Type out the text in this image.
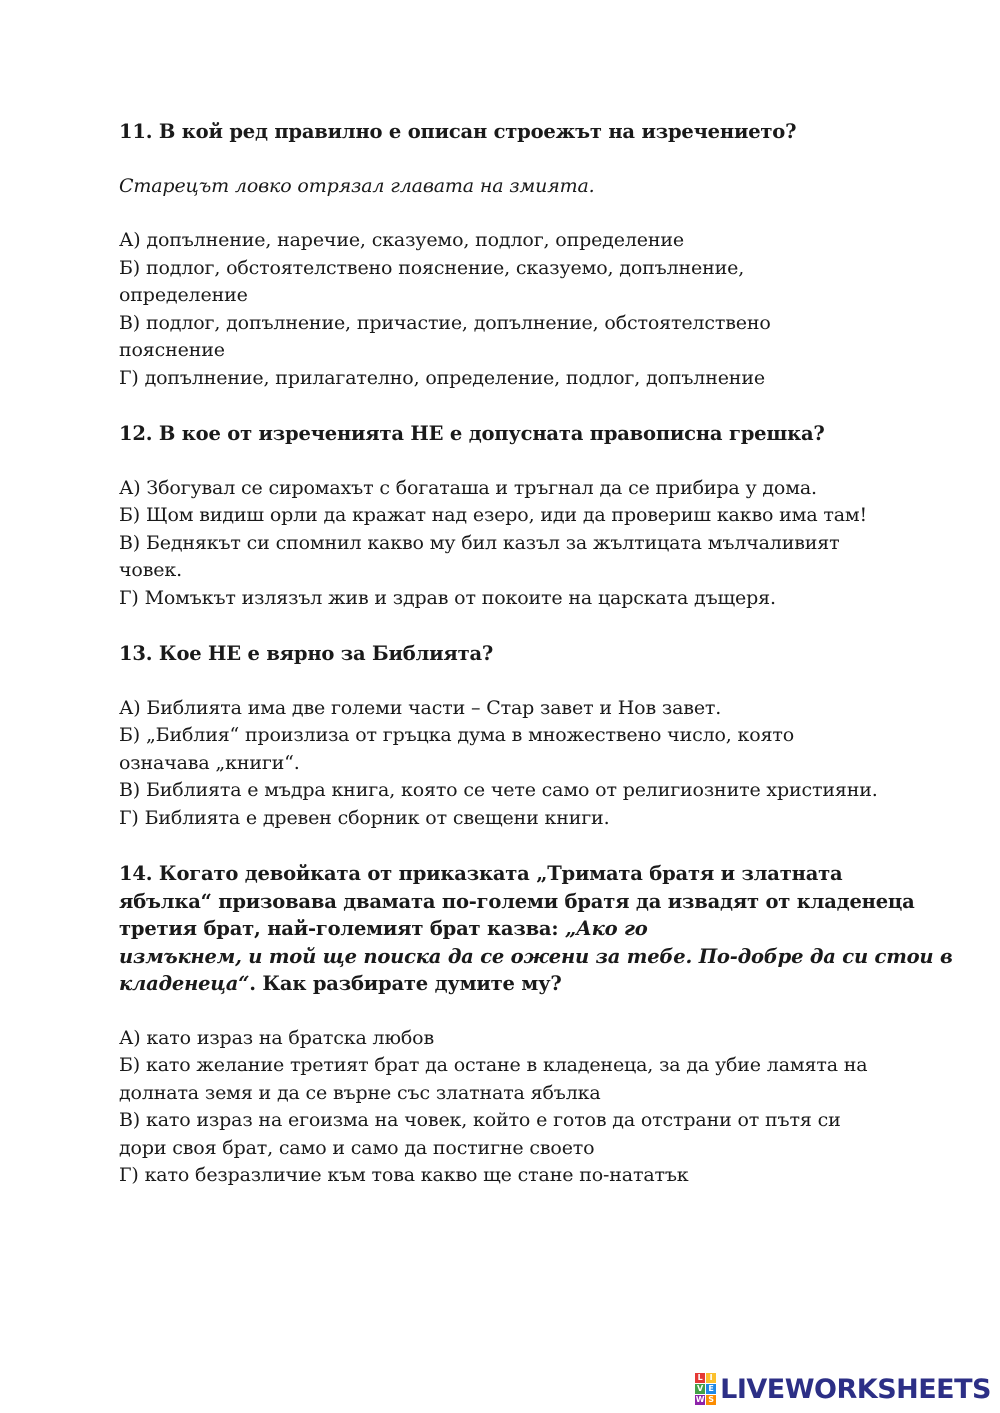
11. В кой ред правилно е описан строежът на изречението?
Старецът ловко отрязал главата на змията.
А) допълнение, наречие, сказуемо, подлог, определение
Б) подлог, обстоятелствено пояснение, сказуемо, допълнение,
определение
В) подлог, допълнение, причастие, допълнение, обстоятелствено
пояснение
Г) допълнение, прилагателно, определение, подлог, допълнение
12. В кое от изреченията НЕ е допусната правописна грешка?
А) Збогувал се сиромахът с богаташа и тръгнал да се прибира у дома.
Б) Щом видиш орли да кражат над езеро, иди да провериш какво има там!
В) Беднякът си спомнил какво му бил казъл за жълтицата мълчаливият
човек.
Г) Момъкът излязъл жив и здрав от покоите на царската дъщеря.
13. Кое НЕ е вярно за Библията?
А) Библията има две големи части – Стар завет и Нов завет.
Б) „Библия“ произлиза от гръцка дума в множествено число, която
означава „книги“.
В) Библията е мъдра книга, която се чете само от религиозните християни.
Г) Библията е древен сборник от свещени книги.
14. Когато девойката от приказката „Тримата братя и златната
ябълка“ призовава двамата по-големи братя да извадят от кладенеца
третия брат, най-големият брат казва: „Ако го
измъкнем, и той ще поиска да се ожени за тебе. По-добре да си стои в
кладенеца“. Как разбирате думите му?
А) като израз на братска любов
Б) като желание третият брат да остане в кладенеца, за да убие ламята на
долната земя и да се върне със златната ябълка
В) като израз на егоизма на човек, който е готов да отстрани от пътя си
дори своя брат, само и само да постигне своето
Г) като безразличие към това какво ще стане по-нататък
L I
V E
W S LIVEWORKSHEETS
